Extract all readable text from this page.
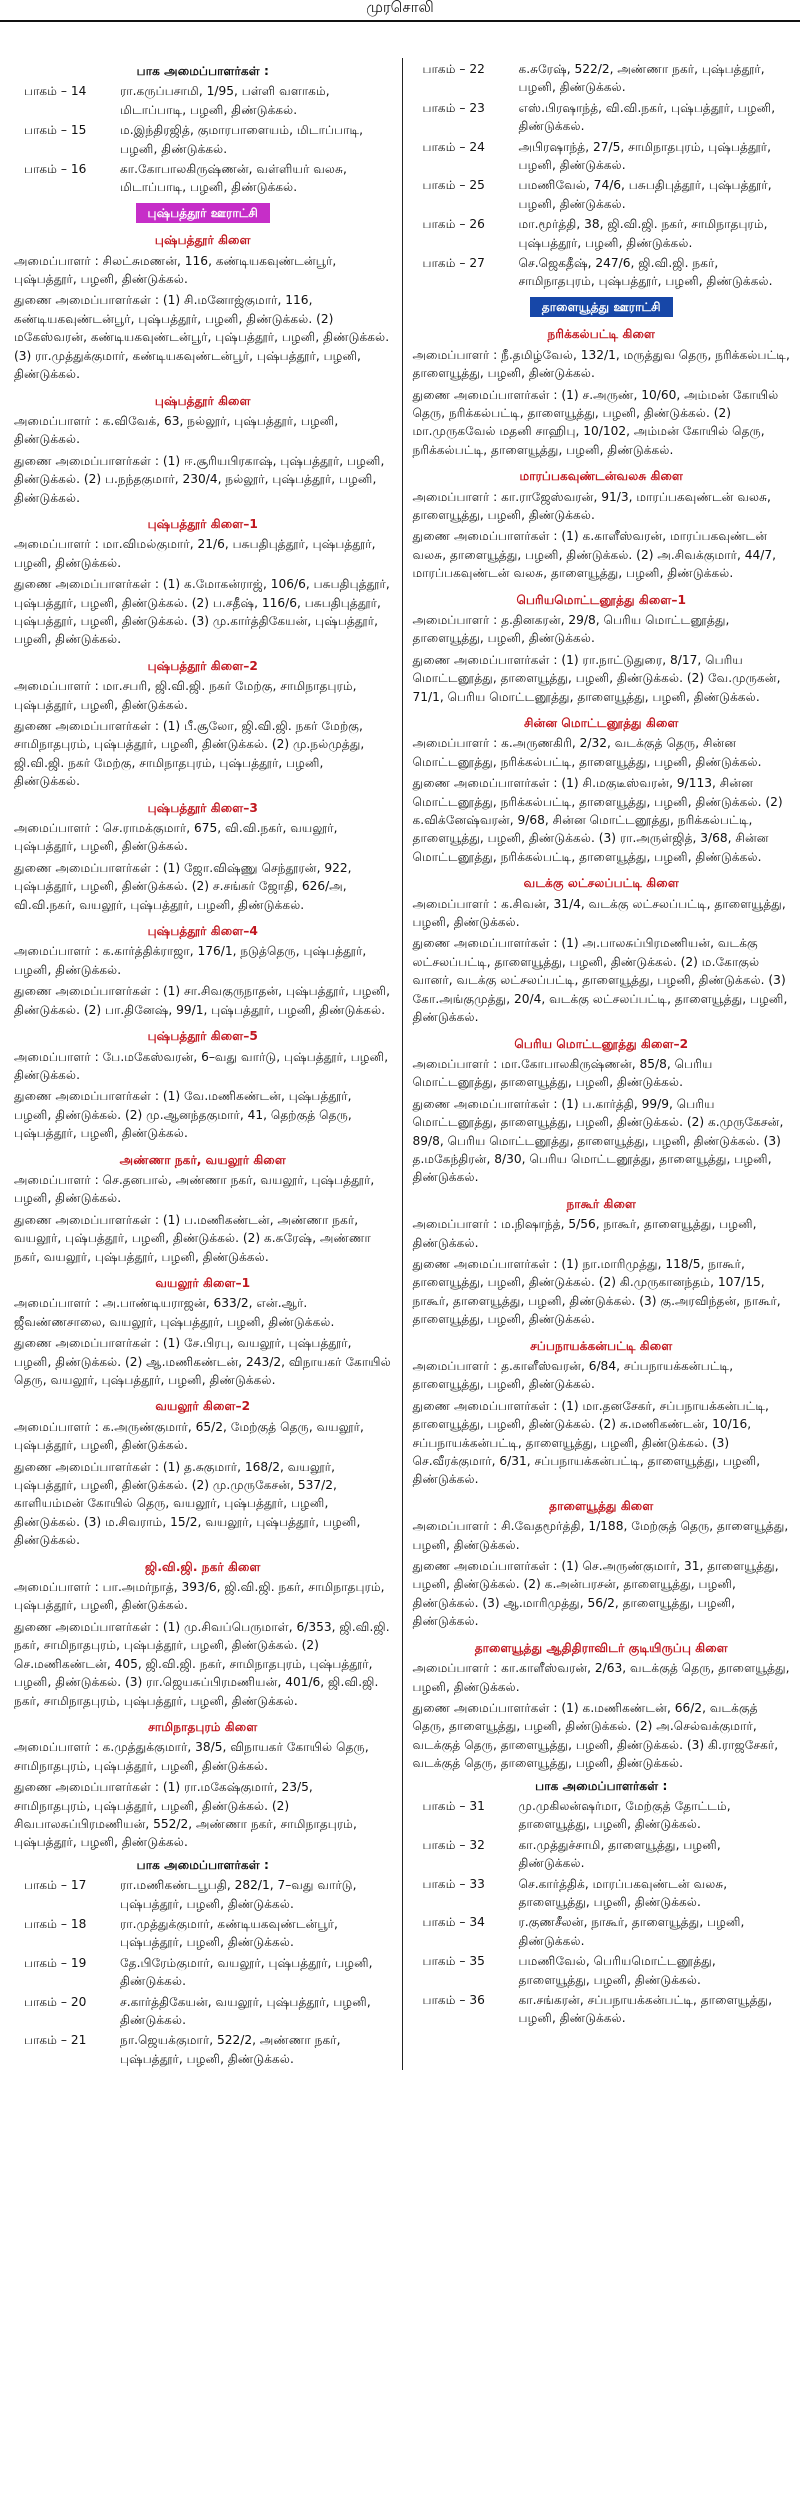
முரசொலி
பாக அமைப்பாளர்கள் :
பாகம் – 14	ரா.கருப்பசாமி, 1/95, பள்ளி வளாகம், மிடாப்பாடி, பழனி, திண்டுக்கல்.
பாகம் – 15	ம.இந்திரஜித், குமாரபாளையம், மிடாப்பாடி, பழனி, திண்டுக்கல்.
பாகம் – 16	கா.கோபாலகிருஷ்ணன், வள்ளியர் வலசு, மிடாப்பாடி, பழனி, திண்டுக்கல்.
புஷ்பத்தூர் ஊராட்சி
புஷ்பத்தூர் கிளை

அமைப்பாளர் : சிலட்சுமணன், 116, கண்டியகவுண்டன்பூர், புஷ்பத்தூர், பழனி, திண்டுக்கல்.

துணை அமைப்பாளர்கள் : (1) சி.மனோஜ்குமார், 116, கண்டியகவுண்டன்பூர், புஷ்பத்தூர், பழனி, திண்டுக்கல். (2) மகேஸ்வரன், கண்டியகவுண்டன்பூர், புஷ்பத்தூர், பழனி, திண்டுக்கல். (3) ரா.முத்துக்குமார், கண்டியகவுண்டன்பூர், புஷ்பத்தூர், பழனி, திண்டுக்கல்.

புஷ்பத்தூர் கிளை

அமைப்பாளர் : க.விவேக், 63, நல்லூர், புஷ்பத்தூர், பழனி, திண்டுக்கல்.

துணை அமைப்பாளர்கள் : (1) ஈ.சூரியபிரகாஷ், புஷ்பத்தூர், பழனி, திண்டுக்கல். (2) ப.நந்தகுமார், 230/4, நல்லூர், புஷ்பத்தூர், பழனி, திண்டுக்கல்.

புஷ்பத்தூர் கிளை–1

அமைப்பாளர் : மா.விமல்குமார், 21/6, பசுபதிபுத்தூர், புஷ்பத்தூர், பழனி, திண்டுக்கல்.

துணை அமைப்பாளர்கள் : (1) க.மோகன்ராஜ், 106/6, பசுபதிபுத்தூர், புஷ்பத்தூர், பழனி, திண்டுக்கல். (2) ப.சதீஷ், 116/6, பசுபதிபுத்தூர், புஷ்பத்தூர், பழனி, திண்டுக்கல். (3) மு.கார்த்திகேயன், புஷ்பத்தூர், பழனி, திண்டுக்கல்.

புஷ்பத்தூர் கிளை–2

அமைப்பாளர் : மா.சபரி, ஜி.வி.ஜி. நகர் மேற்கு, சாமிநாதபுரம், புஷ்பத்தூர், பழனி, திண்டுக்கல்.

துணை அமைப்பாளர்கள் : (1) பீ.சூலோ, ஜி.வி.ஜி. நகர் மேற்கு, சாமிநாதபுரம், புஷ்பத்தூர், பழனி, திண்டுக்கல். (2) மு.நல்முத்து, ஜி.வி.ஜி. நகர் மேற்கு, சாமிநாதபுரம், புஷ்பத்தூர், பழனி, திண்டுக்கல்.

புஷ்பத்தூர் கிளை–3

அமைப்பாளர் : செ.ராமக்குமார், 675, வி.வி.நகர், வயலூர், புஷ்பத்தூர், பழனி, திண்டுக்கல்.

துணை அமைப்பாளர்கள் : (1) ஜோ.விஷ்ணு செந்தூரன், 922, புஷ்பத்தூர், பழனி, திண்டுக்கல். (2) ச.சங்கர் ஜோதி, 626/அ, வி.வி.நகர், வயலூர், புஷ்பத்தூர், பழனி, திண்டுக்கல்.

புஷ்பத்தூர் கிளை–4

அமைப்பாளர் : க.கார்த்திக்ராஜா, 176/1, நடுத்தெரு, புஷ்பத்தூர், பழனி, திண்டுக்கல்.

துணை அமைப்பாளர்கள் : (1) சா.சிவகுருநாதன், புஷ்பத்தூர், பழனி, திண்டுக்கல். (2) பா.தினேஷ், 99/1, புஷ்பத்தூர், பழனி, திண்டுக்கல்.

புஷ்பத்தூர் கிளை–5

அமைப்பாளர் : பே.மகேஸ்வரன், 6–வது வார்டு, புஷ்பத்தூர், பழனி, திண்டுக்கல்.

துணை அமைப்பாளர்கள் : (1) வே.மணிகண்டன், புஷ்பத்தூர், பழனி, திண்டுக்கல். (2) மு.ஆனந்தகுமார், 41, தெற்குத் தெரு, புஷ்பத்தூர், பழனி, திண்டுக்கல்.

அண்ணா நகர், வயலூர் கிளை

அமைப்பாளர் : செ.தனபால், அண்ணா நகர், வயலூர், புஷ்பத்தூர், பழனி, திண்டுக்கல்.

துணை அமைப்பாளர்கள் : (1) ப.மணிகண்டன், அண்ணா நகர், வயலூர், புஷ்பத்தூர், பழனி, திண்டுக்கல். (2) க.சுரேஷ், அண்ணா நகர், வயலூர், புஷ்பத்தூர், பழனி, திண்டுக்கல்.

வயலூர் கிளை–1

அமைப்பாளர் : அ.பாண்டியராஜன், 633/2, என்.ஆர். ஜீவண்ணசாலை, வயலூர், புஷ்பத்தூர், பழனி, திண்டுக்கல்.

துணை அமைப்பாளர்கள் : (1) சே.பிரபு, வயலூர், புஷ்பத்தூர், பழனி, திண்டுக்கல். (2) ஆ.மணிகண்டன், 243/2, விநாயகர் கோயில் தெரு, வயலூர், புஷ்பத்தூர், பழனி, திண்டுக்கல்.

வயலூர் கிளை–2

அமைப்பாளர் : க.அருண்குமார், 65/2, மேற்குத் தெரு, வயலூர், புஷ்பத்தூர், பழனி, திண்டுக்கல்.

துணை அமைப்பாளர்கள் : (1) த.சுகுமார், 168/2, வயலூர், புஷ்பத்தூர், பழனி, திண்டுக்கல். (2) மு.முருகேசன், 537/2, காளியம்மன் கோயில் தெரு, வயலூர், புஷ்பத்தூர், பழனி, திண்டுக்கல். (3) ம.சிவராம், 15/2, வயலூர், புஷ்பத்தூர், பழனி, திண்டுக்கல்.

ஜி.வி.ஜி. நகர் கிளை

அமைப்பாளர் : பா.அமர்நாத், 393/6, ஜி.வி.ஜி. நகர், சாமிநாதபுரம், புஷ்பத்தூர், பழனி, திண்டுக்கல்.

துணை அமைப்பாளர்கள் : (1) மு.சிவப்பெருமாள், 6/353, ஜி.வி.ஜி. நகர், சாமிநாதபுரம், புஷ்பத்தூர், பழனி, திண்டுக்கல். (2) செ.மணிகண்டன், 405, ஜி.வி.ஜி. நகர், சாமிநாதபுரம், புஷ்பத்தூர், பழனி, திண்டுக்கல். (3) ரா.ஜெயசுப்பிரமணியன், 401/6, ஜி.வி.ஜி. நகர், சாமிநாதபுரம், புஷ்பத்தூர், பழனி, திண்டுக்கல்.

சாமிநாதபுரம் கிளை

அமைப்பாளர் : க.முத்துக்குமார், 38/5, விநாயகர் கோயில் தெரு, சாமிநாதபுரம், புஷ்பத்தூர், பழனி, திண்டுக்கல்.

துணை அமைப்பாளர்கள் : (1) ரா.மகேஷ்குமார், 23/5, சாமிநாதபுரம், புஷ்பத்தூர், பழனி, திண்டுக்கல். (2) சிவபாலசுப்பிரமணியன், 552/2, அண்ணா நகர், சாமிநாதபுரம், புஷ்பத்தூர், பழனி, திண்டுக்கல்.

பாக அமைப்பாளர்கள் :
பாகம் – 17	ரா.மணிகண்டபூபதி, 282/1, 7–வது வார்டு, புஷ்பத்தூர், பழனி, திண்டுக்கல்.
பாகம் – 18	ரா.முத்துக்குமார், கண்டியகவுண்டன்பூர், புஷ்பத்தூர், பழனி, திண்டுக்கல்.
பாகம் – 19	தே.பிரேம்குமார், வயலூர், புஷ்பத்தூர், பழனி, திண்டுக்கல்.
பாகம் – 20	ச.கார்த்திகேயன், வயலூர், புஷ்பத்தூர், பழனி, திண்டுக்கல்.
பாகம் – 21	நா.ஜெயக்குமார், 522/2, அண்ணா நகர், புஷ்பத்தூர், பழனி, திண்டுக்கல்.
பாகம் – 22	க.சுரேஷ், 522/2, அண்ணா நகர், புஷ்பத்தூர், பழனி, திண்டுக்கல்.
பாகம் – 23	எஸ்.பிரஷாந்த், வி.வி.நகர், புஷ்பத்தூர், பழனி, திண்டுக்கல்.
பாகம் – 24	அபிரஷாந்த், 27/5, சாமிநாதபுரம், புஷ்பத்தூர், பழனி, திண்டுக்கல்.
பாகம் – 25	பமணிவேல், 74/6, பசுபதிபுத்தூர், புஷ்பத்தூர், பழனி, திண்டுக்கல்.
பாகம் – 26	மா.மூர்த்தி, 38, ஜி.வி.ஜி. நகர், சாமிநாதபுரம், புஷ்பத்தூர், பழனி, திண்டுக்கல்.
பாகம் – 27	செ.ஜெகதீஷ், 247/6, ஜி.வி.ஜி. நகர், சாமிநாதபுரம், புஷ்பத்தூர், பழனி, திண்டுக்கல்.
தாளையூத்து ஊராட்சி
நரிக்கல்பட்டி கிளை

அமைப்பாளர் : நீ.தமிழ்வேல், 132/1, மருத்துவ தெரு, நரிக்கல்பட்டி, தாளையூத்து, பழனி, திண்டுக்கல்.

துணை அமைப்பாளர்கள் : (1) ச.அருண், 10/60, அம்மன் கோயில் தெரு, நரிக்கல்பட்டி, தாளையூத்து, பழனி, திண்டுக்கல். (2) மா.முருகவேல் மதனி சாஹிபு, 10/102, அம்மன் கோயில் தெரு, நரிக்கல்பட்டி, தாளையூத்து, பழனி, திண்டுக்கல்.

மாரப்பகவுண்டன்வலசு கிளை

அமைப்பாளர் : கா.ராஜேஸ்வரன், 91/3, மாரப்பகவுண்டன் வலசு, தாளையூத்து, பழனி, திண்டுக்கல்.

துணை அமைப்பாளர்கள் : (1) க.காளீஸ்வரன், மாரப்பகவுண்டன் வலசு, தாளையூத்து, பழனி, திண்டுக்கல். (2) அ.சிவக்குமார், 44/7, மாரப்பகவுண்டன் வலசு, தாளையூத்து, பழனி, திண்டுக்கல்.

பெரியமொட்டனூத்து கிளை–1

அமைப்பாளர் : த.தினகரன், 29/8, பெரிய மொட்டனூத்து, தாளையூத்து, பழனி, திண்டுக்கல்.

துணை அமைப்பாளர்கள் : (1) ரா.நாட்டுதுரை, 8/17, பெரிய மொட்டனூத்து, தாளையூத்து, பழனி, திண்டுக்கல். (2) வே.முருகன், 71/1, பெரிய மொட்டனூத்து, தாளையூத்து, பழனி, திண்டுக்கல்.

சின்ன மொட்டனூத்து கிளை

அமைப்பாளர் : க.அருணகிரி, 2/32, வடக்குத் தெரு, சின்ன மொட்டனூத்து, நரிக்கல்பட்டி, தாளையூத்து, பழனி, திண்டுக்கல்.

துணை அமைப்பாளர்கள் : (1) சி.மகுடீஸ்வரன், 9/113, சின்ன மொட்டனூத்து, நரிக்கல்பட்டி, தாளையூத்து, பழனி, திண்டுக்கல். (2) க.விக்னேஷ்வரன், 9/68, சின்ன மொட்டனூத்து, நரிக்கல்பட்டி, தாளையூத்து, பழனி, திண்டுக்கல். (3) ரா.அருள்ஜித், 3/68, சின்ன மொட்டனூத்து, நரிக்கல்பட்டி, தாளையூத்து, பழனி, திண்டுக்கல்.

வடக்கு லட்சலப்பட்டி கிளை

அமைப்பாளர் : க.சிவன், 31/4, வடக்கு லட்சலப்பட்டி, தாளையூத்து, பழனி, திண்டுக்கல்.

துணை அமைப்பாளர்கள் : (1) அ.பாலசுப்பிரமணியன், வடக்கு லட்சலப்பட்டி, தாளையூத்து, பழனி, திண்டுக்கல். (2) ம.கோகுல் வானர், வடக்கு லட்சலப்பட்டி, தாளையூத்து, பழனி, திண்டுக்கல். (3) கோ.அங்குமுத்து, 20/4, வடக்கு லட்சலப்பட்டி, தாளையூத்து, பழனி, திண்டுக்கல்.

பெரிய மொட்டனூத்து கிளை–2

அமைப்பாளர் : மா.கோபாலகிருஷ்ணன், 85/8, பெரிய மொட்டனூத்து, தாளையூத்து, பழனி, திண்டுக்கல்.

துணை அமைப்பாளர்கள் : (1) ப.கார்த்தி, 99/9, பெரிய மொட்டனூத்து, தாளையூத்து, பழனி, திண்டுக்கல். (2) க.முருகேசன், 89/8, பெரிய மொட்டனூத்து, தாளையூத்து, பழனி, திண்டுக்கல். (3) த.மகேந்திரன், 8/30, பெரிய மொட்டனூத்து, தாளையூத்து, பழனி, திண்டுக்கல்.

நாகூர் கிளை

அமைப்பாளர் : ம.நிஷாந்த், 5/56, நாகூர், தாளையூத்து, பழனி, திண்டுக்கல்.

துணை அமைப்பாளர்கள் : (1) நா.மாரிமுத்து, 118/5, நாகூர், தாளையூத்து, பழனி, திண்டுக்கல். (2) கி.முருகானந்தம், 107/15, நாகூர், தாளையூத்து, பழனி, திண்டுக்கல். (3) கு.அரவிந்தன், நாகூர், தாளையூத்து, பழனி, திண்டுக்கல்.

சப்பநாயக்கன்பட்டி கிளை

அமைப்பாளர் : த.காளீஸ்வரன், 6/84, சப்பநாயக்கன்பட்டி, தாளையூத்து, பழனி, திண்டுக்கல்.

துணை அமைப்பாளர்கள் : (1) மா.தனசேகர், சப்பநாயக்கன்பட்டி, தாளையூத்து, பழனி, திண்டுக்கல். (2) சு.மணிகண்டன், 10/16, சப்பநாயக்கன்பட்டி, தாளையூத்து, பழனி, திண்டுக்கல். (3) செ.வீரக்குமார், 6/31, சப்பநாயக்கன்பட்டி, தாளையூத்து, பழனி, திண்டுக்கல்.

தாளையூத்து கிளை

அமைப்பாளர் : சி.வேதமூர்த்தி, 1/188, மேற்குத் தெரு, தாளையூத்து, பழனி, திண்டுக்கல்.

துணை அமைப்பாளர்கள் : (1) செ.அருண்குமார், 31, தாளையூத்து, பழனி, திண்டுக்கல். (2) க.அன்பரசன், தாளையூத்து, பழனி, திண்டுக்கல். (3) ஆ.மாரிமுத்து, 56/2, தாளையூத்து, பழனி, திண்டுக்கல்.

தாளையூத்து ஆதிதிராவிடர் குடியிருப்பு கிளை

அமைப்பாளர் : கா.காளீஸ்வரன், 2/63, வடக்குத் தெரு, தாளையூத்து, பழனி, திண்டுக்கல்.

துணை அமைப்பாளர்கள் : (1) க.மணிகண்டன், 66/2, வடக்குத் தெரு, தாளையூத்து, பழனி, திண்டுக்கல். (2) அ.செல்வக்குமார், வடக்குத் தெரு, தாளையூத்து, பழனி, திண்டுக்கல். (3) கி.ராஜசேகர், வடக்குத் தெரு, தாளையூத்து, பழனி, திண்டுக்கல்.

பாக அமைப்பாளர்கள் :
பாகம் – 31	மு.முகிலன்ஷர்மா, மேற்குத் தோட்டம், தாளையூத்து, பழனி, திண்டுக்கல்.
பாகம் – 32	கா.முத்துச்சாமி, தாளையூத்து, பழனி, திண்டுக்கல்.
பாகம் – 33	செ.கார்த்திக், மாரப்பகவுண்டன் வலசு, தாளையூத்து, பழனி, திண்டுக்கல்.
பாகம் – 34	ர.குணசீலன், நாகூர், தாளையூத்து, பழனி, திண்டுக்கல்.
பாகம் – 35	பமணிவேல், பெரியமொட்டனூத்து, தாளையூத்து, பழனி, திண்டுக்கல்.
பாகம் – 36	கா.சங்கரன், சப்பநாயக்கன்பட்டி, தாளையூத்து, பழனி, திண்டுக்கல்.
